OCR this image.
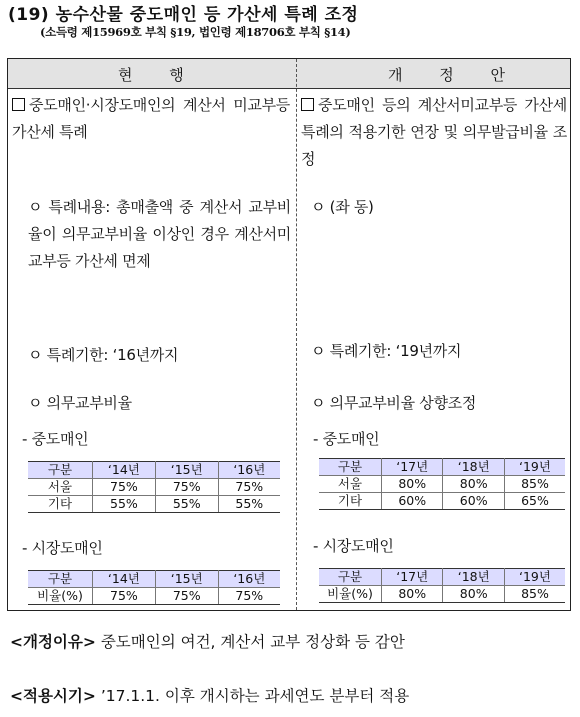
(19) 농수산물 중도매인 등 가산세 특례 조정
(소득령 제15969호 부칙 §19, 법인령 제18706호 부칙 §14)
현 행	개 정 안
중도매인·시장도매인의 계산서 미교부등 가산세 특례
ㅇ 특례내용: 총매출액 중 계산서 교부비율이 의무교부비율 이상인 경우 계산서미교부등 가산세 면제
ㅇ 특례기한: ‘16년까지
ㅇ 의무교부비율
- 중도매인
구분	‘14년	‘15년	‘16년
서울	75%	75%	75%
기타	55%	55%	55%
- 시장도매인
구분	‘14년	‘15년	‘16년
비율(%)	75%	75%	75%
중도매인 등의 계산서미교부등 가산세 특례의 적용기한 연장 및 의무발급비율 조정
ㅇ (좌 동)
ㅇ 특례기한: ‘19년까지
ㅇ 의무교부비율 상향조정
- 중도매인
구분	‘17년	‘18년	‘19년
서울	80%	80%	85%
기타	60%	60%	65%
- 시장도매인
구분	‘17년	‘18년	‘19년
비율(%)	80%	80%	85%
<개정이유> 중도매인의 여건, 계산서 교부 정상화 등 감안
<적용시기> ’17.1.1. 이후 개시하는 과세연도 분부터 적용
